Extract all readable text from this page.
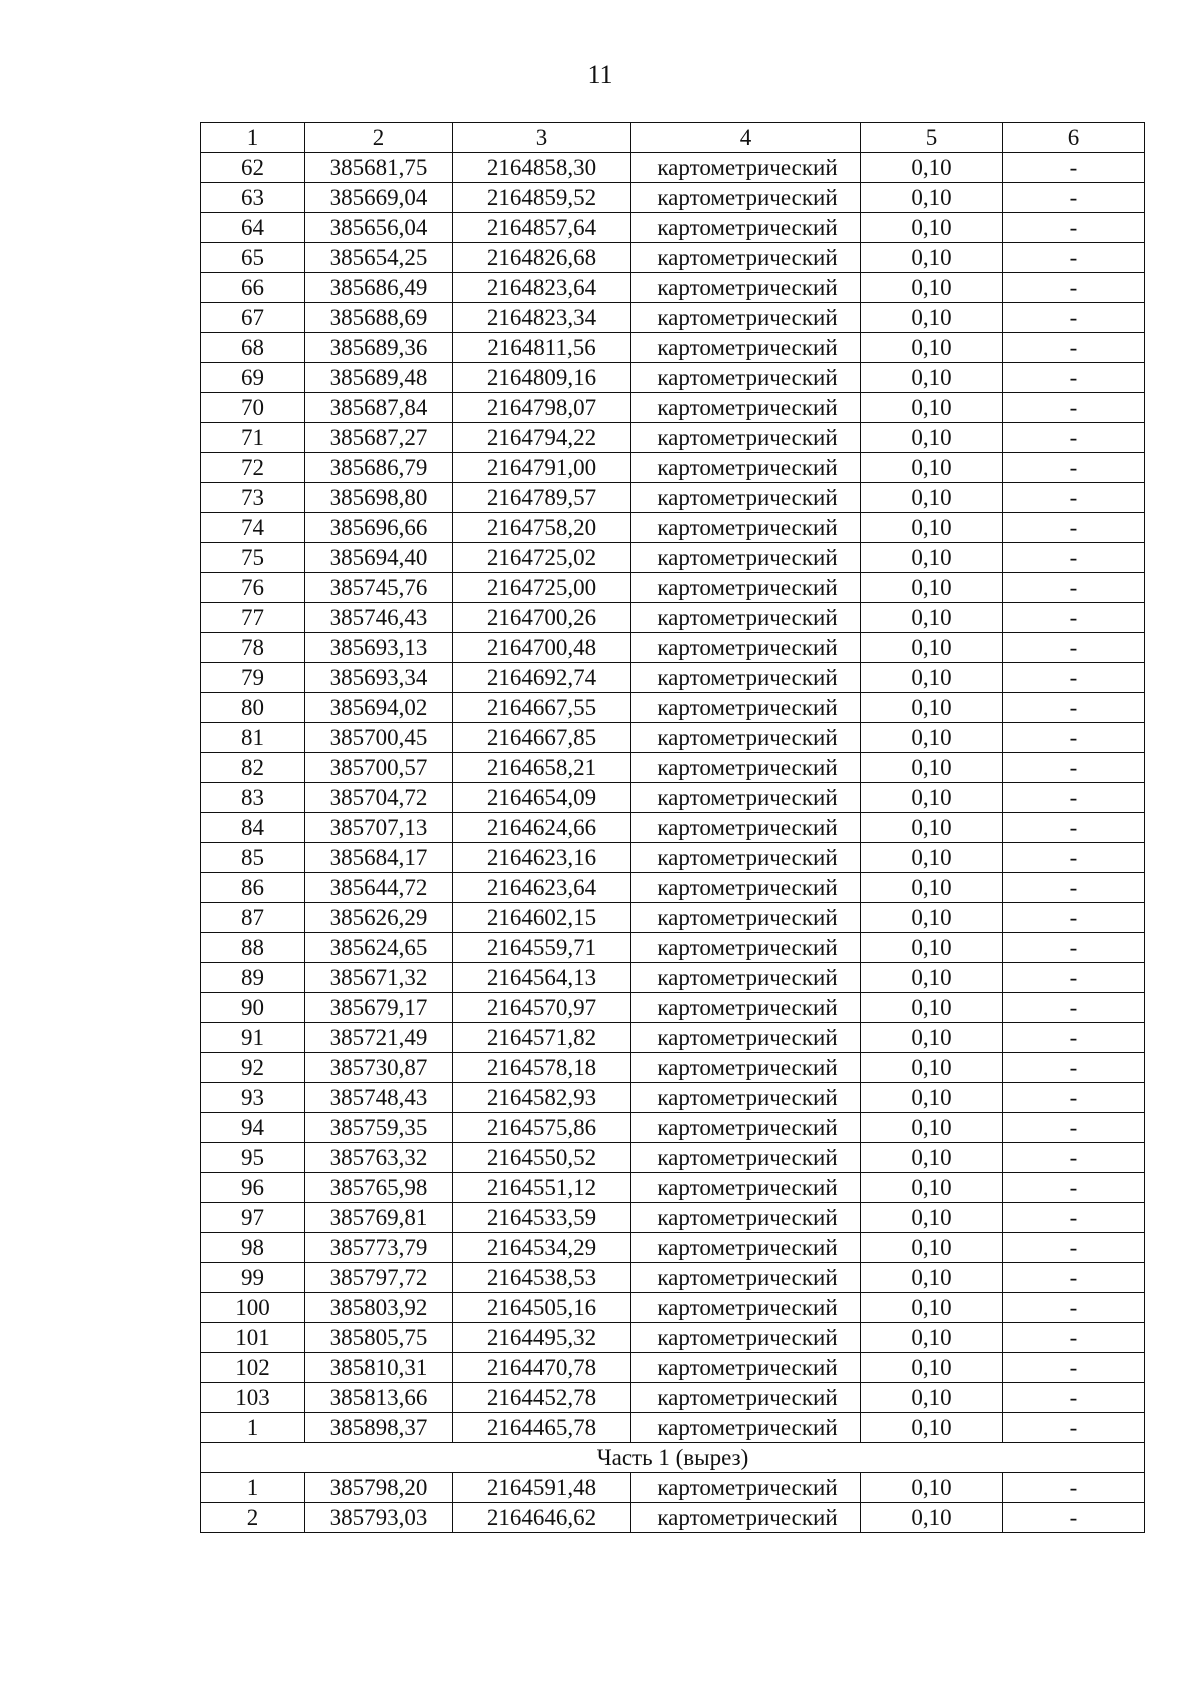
11
1	2	3	4	5	6
62	385681,75	2164858,30	картометрический	0,10	-
63	385669,04	2164859,52	картометрический	0,10	-
64	385656,04	2164857,64	картометрический	0,10	-
65	385654,25	2164826,68	картометрический	0,10	-
66	385686,49	2164823,64	картометрический	0,10	-
67	385688,69	2164823,34	картометрический	0,10	-
68	385689,36	2164811,56	картометрический	0,10	-
69	385689,48	2164809,16	картометрический	0,10	-
70	385687,84	2164798,07	картометрический	0,10	-
71	385687,27	2164794,22	картометрический	0,10	-
72	385686,79	2164791,00	картометрический	0,10	-
73	385698,80	2164789,57	картометрический	0,10	-
74	385696,66	2164758,20	картометрический	0,10	-
75	385694,40	2164725,02	картометрический	0,10	-
76	385745,76	2164725,00	картометрический	0,10	-
77	385746,43	2164700,26	картометрический	0,10	-
78	385693,13	2164700,48	картометрический	0,10	-
79	385693,34	2164692,74	картометрический	0,10	-
80	385694,02	2164667,55	картометрический	0,10	-
81	385700,45	2164667,85	картометрический	0,10	-
82	385700,57	2164658,21	картометрический	0,10	-
83	385704,72	2164654,09	картометрический	0,10	-
84	385707,13	2164624,66	картометрический	0,10	-
85	385684,17	2164623,16	картометрический	0,10	-
86	385644,72	2164623,64	картометрический	0,10	-
87	385626,29	2164602,15	картометрический	0,10	-
88	385624,65	2164559,71	картометрический	0,10	-
89	385671,32	2164564,13	картометрический	0,10	-
90	385679,17	2164570,97	картометрический	0,10	-
91	385721,49	2164571,82	картометрический	0,10	-
92	385730,87	2164578,18	картометрический	0,10	-
93	385748,43	2164582,93	картометрический	0,10	-
94	385759,35	2164575,86	картометрический	0,10	-
95	385763,32	2164550,52	картометрический	0,10	-
96	385765,98	2164551,12	картометрический	0,10	-
97	385769,81	2164533,59	картометрический	0,10	-
98	385773,79	2164534,29	картометрический	0,10	-
99	385797,72	2164538,53	картометрический	0,10	-
100	385803,92	2164505,16	картометрический	0,10	-
101	385805,75	2164495,32	картометрический	0,10	-
102	385810,31	2164470,78	картометрический	0,10	-
103	385813,66	2164452,78	картометрический	0,10	-
1	385898,37	2164465,78	картометрический	0,10	-
Часть 1 (вырез)					
1	385798,20	2164591,48	картометрический	0,10	-
2	385793,03	2164646,62	картометрический	0,10	-
